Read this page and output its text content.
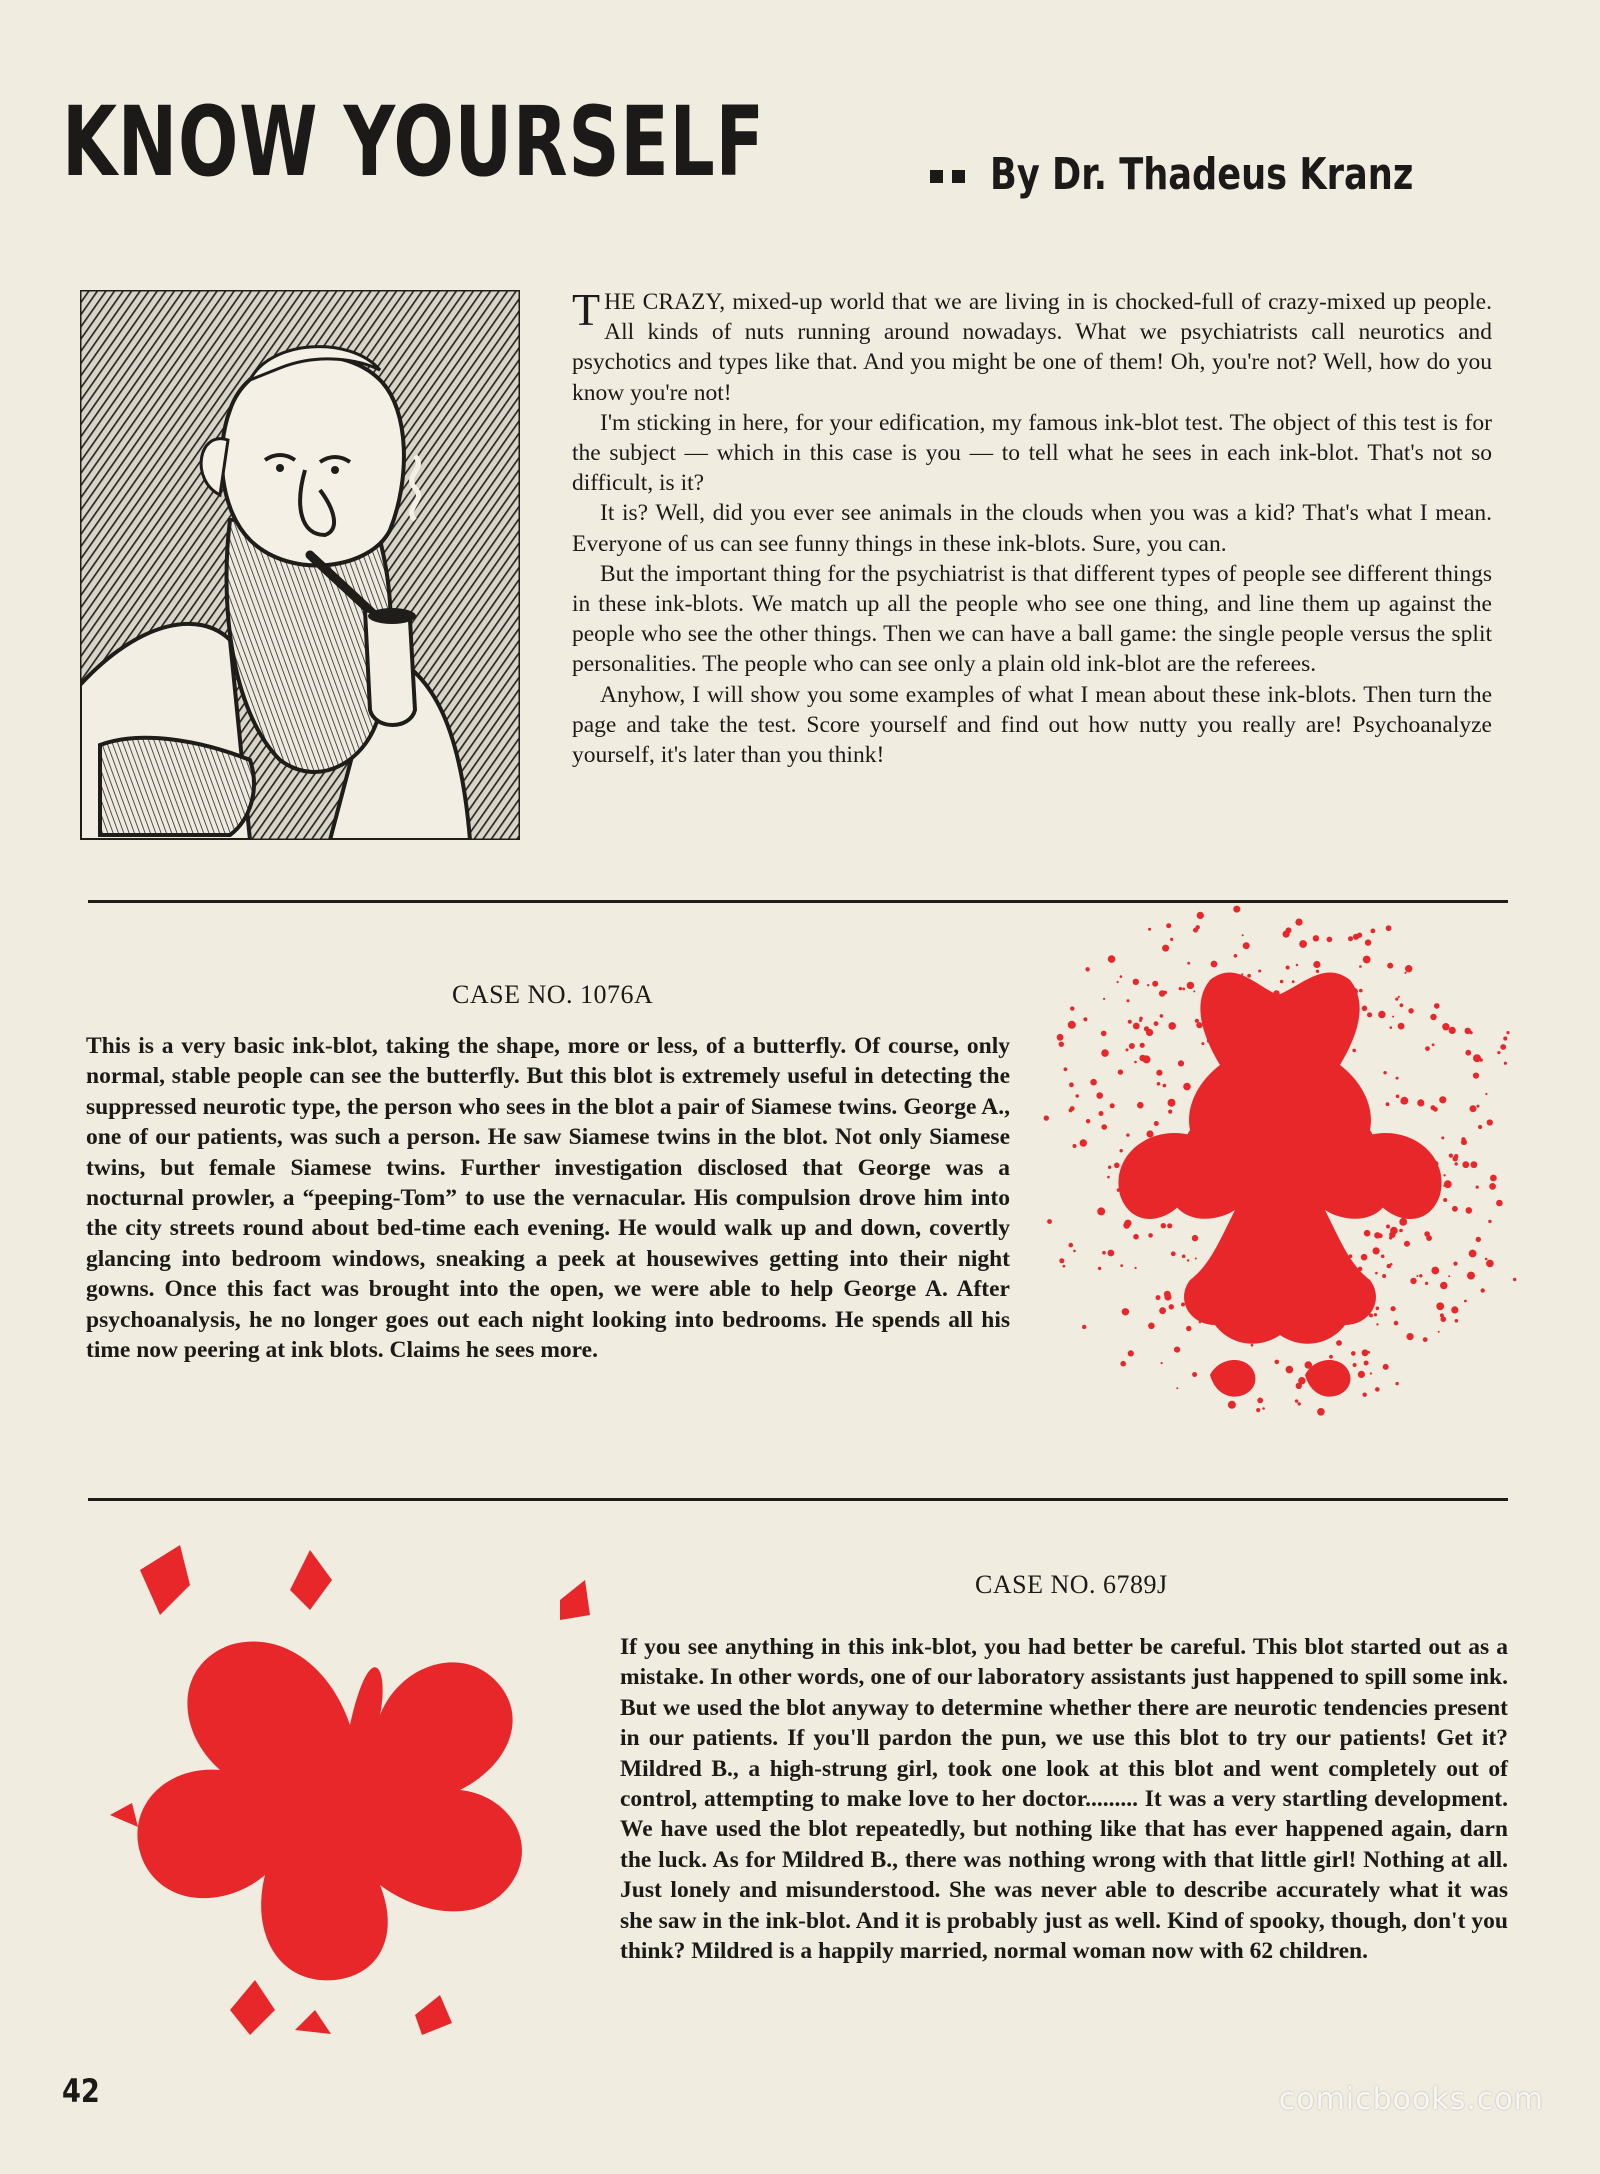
KNOW YOURSELF	By Dr. Thadeus Kranz

THE CRAZY, mixed-up world that we are living in is chocked-full of crazy-mixed up people. All kinds of nuts running around nowadays. What we psychiatrists call neurotics and psychotics and types like that. And you might be one of them! Oh, you're not? Well, how do you know you're not!

I'm sticking in here, for your edification, my famous ink-blot test. The object of this test is for the subject — which in this case is you — to tell what he sees in each ink-blot. That's not so difficult, is it?

It is? Well, did you ever see animals in the clouds when you was a kid? That's what I mean. Everyone of us can see funny things in these ink-blots. Sure, you can.

But the important thing for the psychiatrist is that different types of people see different things in these ink-blots. We match up all the people who see one thing, and line them up against the people who see the other things. Then we can have a ball game: the single people versus the split personalities. The people who can see only a plain old ink-blot are the referees.

Anyhow, I will show you some examples of what I mean about these ink-blots. Then turn the page and take the test. Score yourself and find out how nutty you really are! Psychoanalyze yourself, it's later than you think!

CASE NO. 1076A

This is a very basic ink-blot, taking the shape, more or less, of a butterfly. Of course, only normal, stable people can see the butterfly. But this blot is extremely useful in detecting the suppressed neurotic type, the person who sees in the blot a pair of Siamese twins. George A., one of our patients, was such a person. He saw Siamese twins in the blot. Not only Siamese twins, but female Siamese twins. Further investigation disclosed that George was a nocturnal prowler, a “peeping-Tom” to use the vernacular. His compulsion drove him into the city streets round about bed-time each evening. He would walk up and down, covertly glancing into bedroom windows, sneaking a peek at housewives getting into their night gowns. Once this fact was brought into the open, we were able to help George A. After psychoanalysis, he no longer goes out each night looking into bedrooms. He spends all his time now peering at ink blots. Claims he sees more.

CASE NO. 6789J

If you see anything in this ink-blot, you had better be careful. This blot started out as a mistake. In other words, one of our laboratory assistants just happened to spill some ink. But we used the blot anyway to determine whether there are neurotic tendencies present in our patients. If you'll pardon the pun, we use this blot to try our patients! Get it? Mildred B., a high-strung girl, took one look at this blot and went completely out of control, attempting to make love to her doctor......... It was a very startling development. We have used the blot repeatedly, but nothing like that has ever happened again, darn the luck. As for Mildred B., there was nothing wrong with that little girl! Nothing at all. Just lonely and misunderstood. She was never able to describe accurately what it was she saw in the ink-blot. And it is probably just as well. Kind of spooky, though, don't you think? Mildred is a happily married, normal woman now with 62 children.

42	comicbooks.com
